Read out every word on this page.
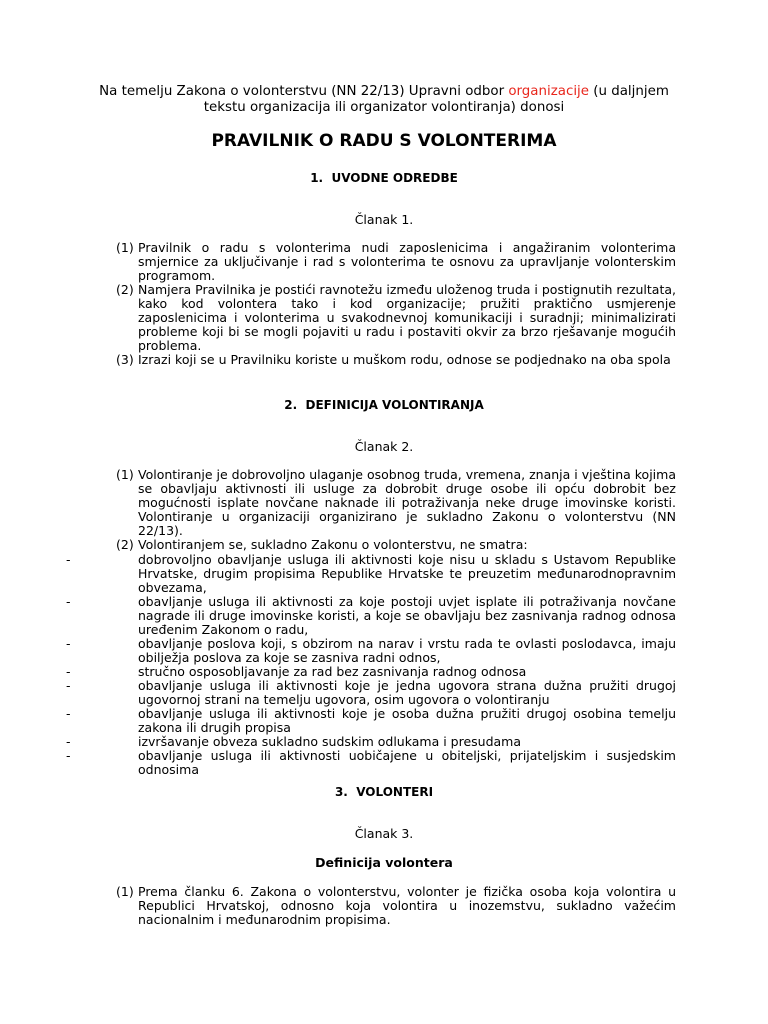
Na temelju Zakona o volonterstvu (NN 22/13) Upravni odbor organizacije (u daljnjem tekstu organizacija ili organizator volontiranja) donosi

PRAVILNIK O RADU S VOLONTERIMA
1. UVODNE ODREDBE
Članak 1.
(1) Pravilnik o radu s volonterima nudi zaposlenicima i angažiranim volonterima smjernice za uključivanje i rad s volonterima te osnovu za upravljanje volonterskim programom.
(2) Namjera Pravilnika je postići ravnotežu između uloženog truda i postignutih rezultata, kako kod volontera tako i kod organizacije; pružiti praktično usmjerenje zaposlenicima i volonterima u svakodnevnoj komunikaciji i suradnji; minimalizirati probleme koji bi se mogli pojaviti u radu i postaviti okvir za brzo rješavanje mogućih problema.
(3) Izrazi koji se u Pravilniku koriste u muškom rodu, odnose se podjednako na oba spola
2. DEFINICIJA VOLONTIRANJA
Članak 2.
(1) Volontiranje je dobrovoljno ulaganje osobnog truda, vremena, znanja i vještina kojima se obavljaju aktivnosti ili usluge za dobrobit druge osobe ili opću dobrobit bez mogućnosti isplate novčane naknade ili potraživanja neke druge imovinske koristi. Volontiranje u organizaciji organizirano je sukladno Zakonu o volonterstvu (NN 22/13).
(2) Volontiranjem se, sukladno Zakonu o volonterstvu, ne smatra:
-	dobrovoljno obavljanje usluga ili aktivnosti koje nisu u skladu s Ustavom Republike Hrvatske, drugim propisima Republike Hrvatske te preuzetim međunarodnopravnim obvezama,
-	obavljanje usluga ili aktivnosti za koje postoji uvjet isplate ili potraživanja novčane nagrade ili druge imovinske koristi, a koje se obavljaju bez zasnivanja radnog odnosa uređenim Zakonom o radu,
-	obavljanje poslova koji, s obzirom na narav i vrstu rada te ovlasti poslodavca, imaju obilježja poslova za koje se zasniva radni odnos,
-	stručno osposobljavanje za rad bez zasnivanja radnog odnosa
-	obavljanje usluga ili aktivnosti koje je jedna ugovora strana dužna pružiti drugoj ugovornoj strani na temelju ugovora, osim ugovora o volontiranju
-	obavljanje usluga ili aktivnosti koje je osoba dužna pružiti drugoj osobina temelju zakona ili drugih propisa
-	izvršavanje obveza sukladno sudskim odlukama i presudama
-	obavljanje usluga ili aktivnosti uobičajene u obiteljski, prijateljskim i susjedskim odnosima
3. VOLONTERI
Članak 3.
Definicija volontera
(1) Prema članku 6. Zakona o volonterstvu, volonter je fizička osoba koja volontira u Republici Hrvatskoj, odnosno koja volontira u inozemstvu, sukladno važećim nacionalnim i međunarodnim propisima.
